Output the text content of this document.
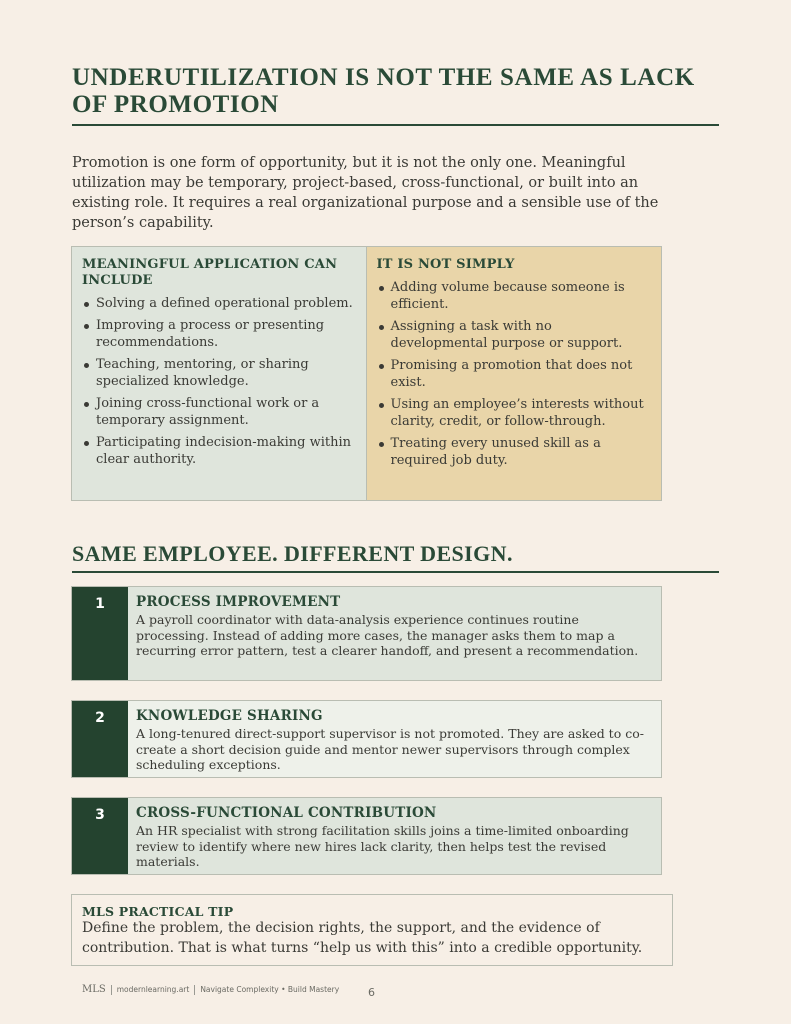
UNDERUTILIZATION IS NOT THE SAME AS LACK OF PROMOTION

Promotion is one form of opportunity, but it is not the only one. Meaningful utilization may be temporary, project-based, cross-functional, or built into an existing role. It requires a real organizational purpose and a sensible use of the person’s capability.

MEANINGFUL APPLICATION CAN INCLUDE
Solving a defined operational problem.
Improving a process or presenting recommendations.
Teaching, mentoring, or sharing specialized knowledge.
Joining cross-functional work or a temporary assignment.
Participating indecision-making within clear authority.
IT IS NOT SIMPLY
Adding volume because someone is efficient.
Assigning a task with no developmental purpose or support.
Promising a promotion that does not exist.
Using an employee’s interests without clarity, credit, or follow-through.
Treating every unused skill as a required job duty.
SAME EMPLOYEE. DIFFERENT DESIGN.
1	PROCESS IMPROVEMENT
A payroll coordinator with data-analysis experience continues routine processing. Instead of adding more cases, the manager asks them to map a recurring error pattern, test a clearer handoff, and present a recommendation.
2	KNOWLEDGE SHARING
A long-tenured direct-support supervisor is not promoted. They are asked to co-create a short decision guide and mentor newer supervisors through complex scheduling exceptions.
3	CROSS-FUNCTIONAL CONTRIBUTION
An HR specialist with strong facilitation skills joins a time-limited onboarding review to identify where new hires lack clarity, then helps test the revised materials.
MLS PRACTICAL TIP
Define the problem, the decision rights, the support, and the evidence of contribution. That is what turns “help us with this” into a credible opportunity.
MLS modernlearning.art Navigate Complexity • Build Mastery	6
